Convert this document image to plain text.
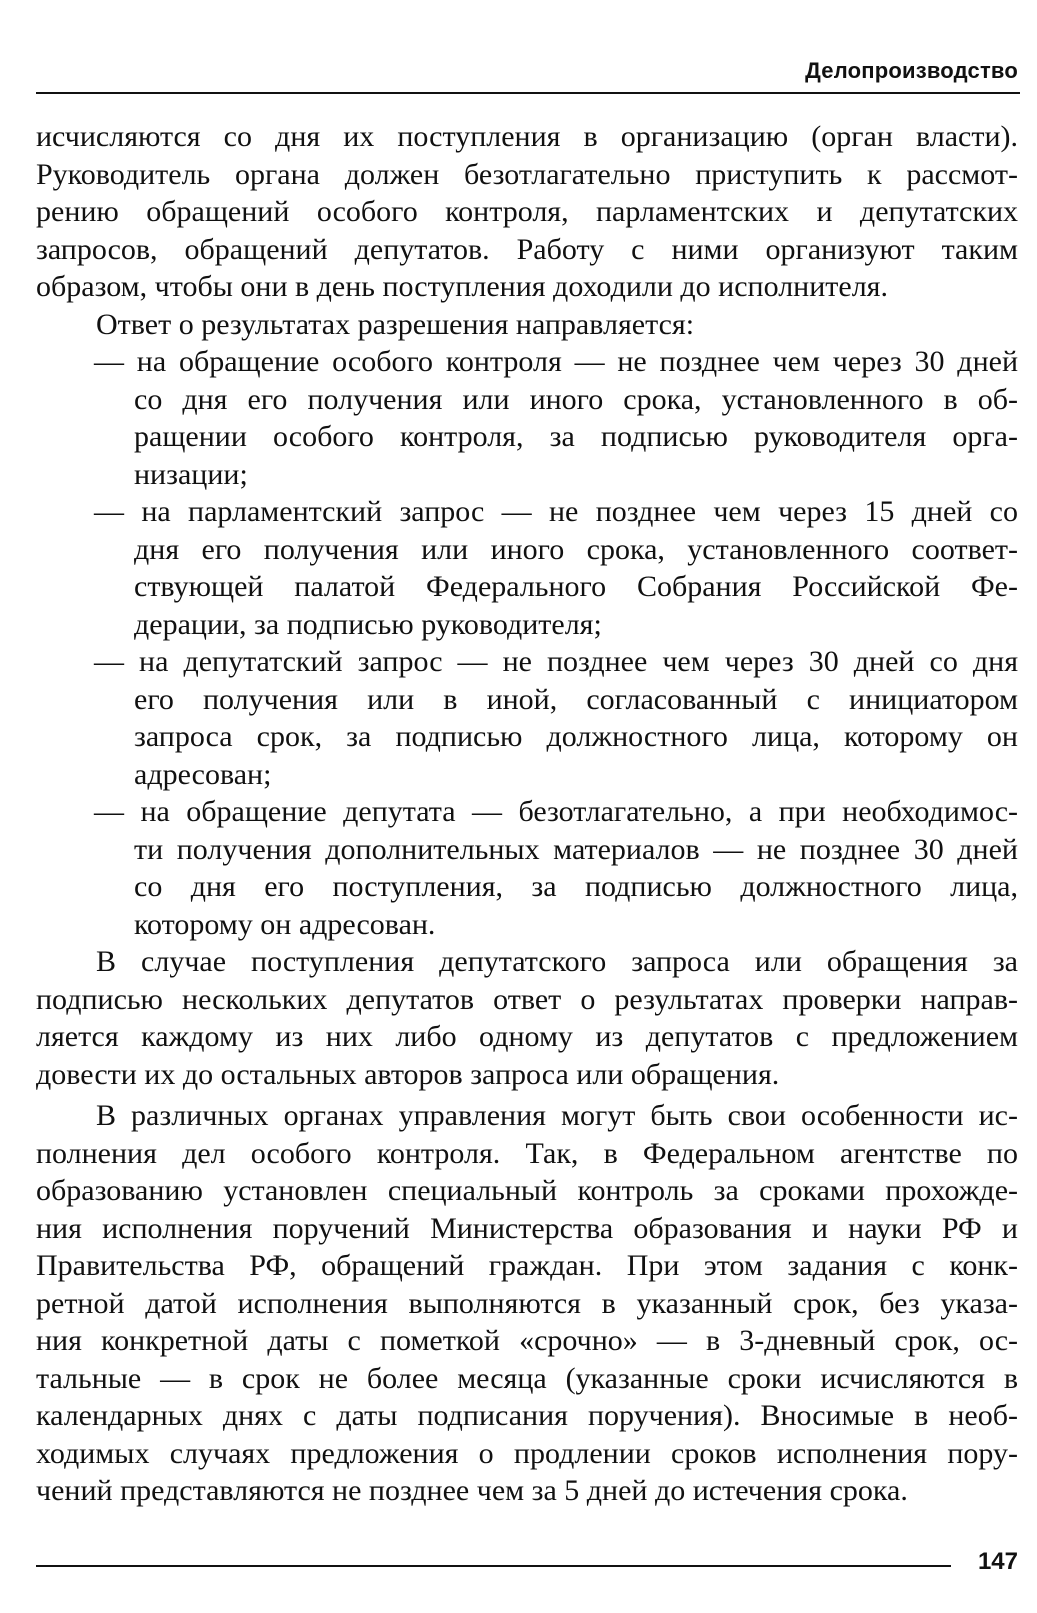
Делопроизводство
исчисляются со дня их поступления в организацию (орган власти).
Руководитель органа должен безотлагательно приступить к рассмот-
рению обращений особого контроля, парламентских и депутатских
запросов, обращений депутатов. Работу с ними организуют таким
образом, чтобы они в день поступления доходили до исполнителя.
Ответ о результатах разрешения направляется:
— на обращение особого контроля — не позднее чем через 30 дней
со дня его получения или иного срока, установленного в об-
ращении особого контроля, за подписью руководителя орга-
низации;
— на парламентский запрос — не позднее чем через 15 дней со
дня его получения или иного срока, установленного соответ-
ствующей палатой Федерального Собрания Российской Фе-
дерации, за подписью руководителя;
— на депутатский запрос — не позднее чем через 30 дней со дня
его получения или в иной, согласованный с инициатором
запроса срок, за подписью должностного лица, которому он
адресован;
— на обращение депутата — безотлагательно, а при необходимос-
ти получения дополнительных материалов — не позднее 30 дней
со дня его поступления, за подписью должностного лица,
которому он адресован.
В случае поступления депутатского запроса или обращения за
подписью нескольких депутатов ответ о результатах проверки направ-
ляется каждому из них либо одному из депутатов с предложением
довести их до остальных авторов запроса или обращения.
В различных органах управления могут быть свои особенности ис-
полнения дел особого контроля. Так, в Федеральном агентстве по
образованию установлен специальный контроль за сроками прохожде-
ния исполнения поручений Министерства образования и науки РФ и
Правительства РФ, обращений граждан. При этом задания с конк-
ретной датой исполнения выполняются в указанный срок, без указа-
ния конкретной даты с пометкой «срочно» — в 3-дневный срок, ос-
тальные — в срок не более месяца (указанные сроки исчисляются в
календарных днях с даты подписания поручения). Вносимые в необ-
ходимых случаях предложения о продлении сроков исполнения пору-
чений представляются не позднее чем за 5 дней до истечения срока.
147
